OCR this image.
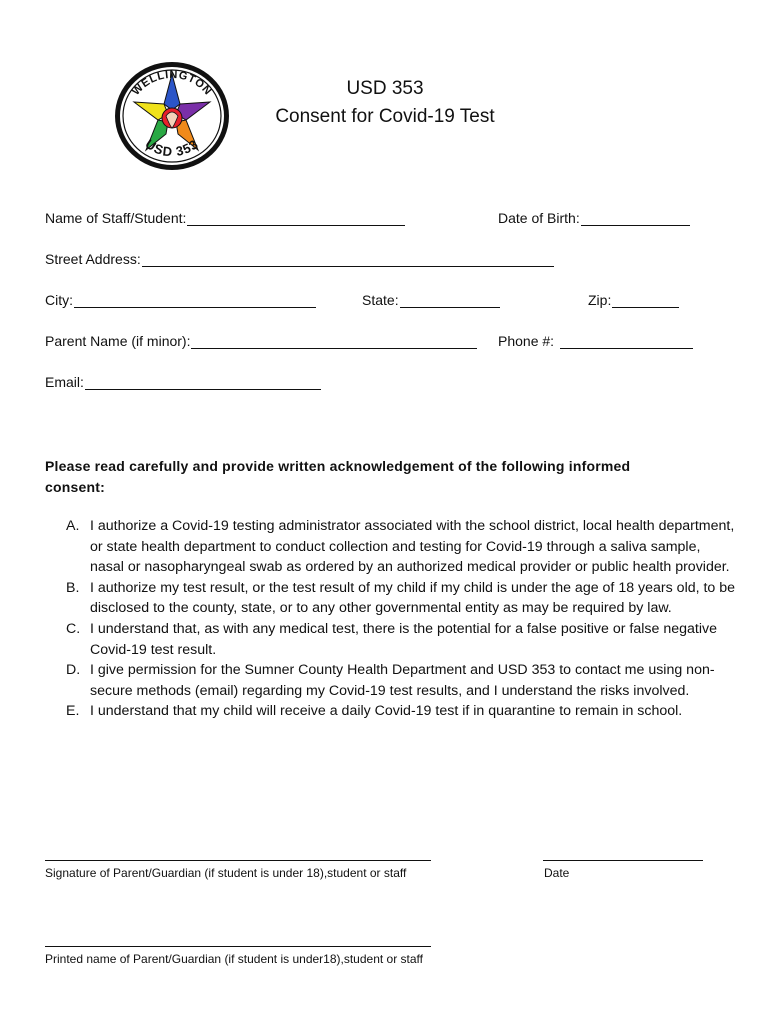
WELLINGTON
USD 353
USD 353
Consent for Covid-19 Test
Name of Staff/Student:	Date of Birth:
Street Address:
City:	State:	Zip:
Parent Name (if minor):	Phone #:
Email:
Please read carefully and provide written acknowledgement of the following informed consent:
A. I authorize a Covid-19 testing administrator associated with the school district, local health department, or state health department to conduct collection and testing for Covid-19 through a saliva sample, nasal or nasopharyngeal swab as ordered by an authorized medical provider or public health provider.
B. I authorize my test result, or the test result of my child if my child is under the age of 18 years old, to be disclosed to the county, state, or to any other governmental entity as may be required by law.
C. I understand that, as with any medical test, there is the potential for a false positive or false negative Covid-19 test result.
D. I give permission for the Sumner County Health Department and USD 353 to contact me using non-secure methods (email) regarding my Covid-19 test results, and I understand the risks involved.
E. I understand that my child will receive a daily Covid-19 test if in quarantine to remain in school.
Signature of Parent/Guardian (if student is under 18),student or staff	Date
Printed name of Parent/Guardian (if student is under18),student or staff
